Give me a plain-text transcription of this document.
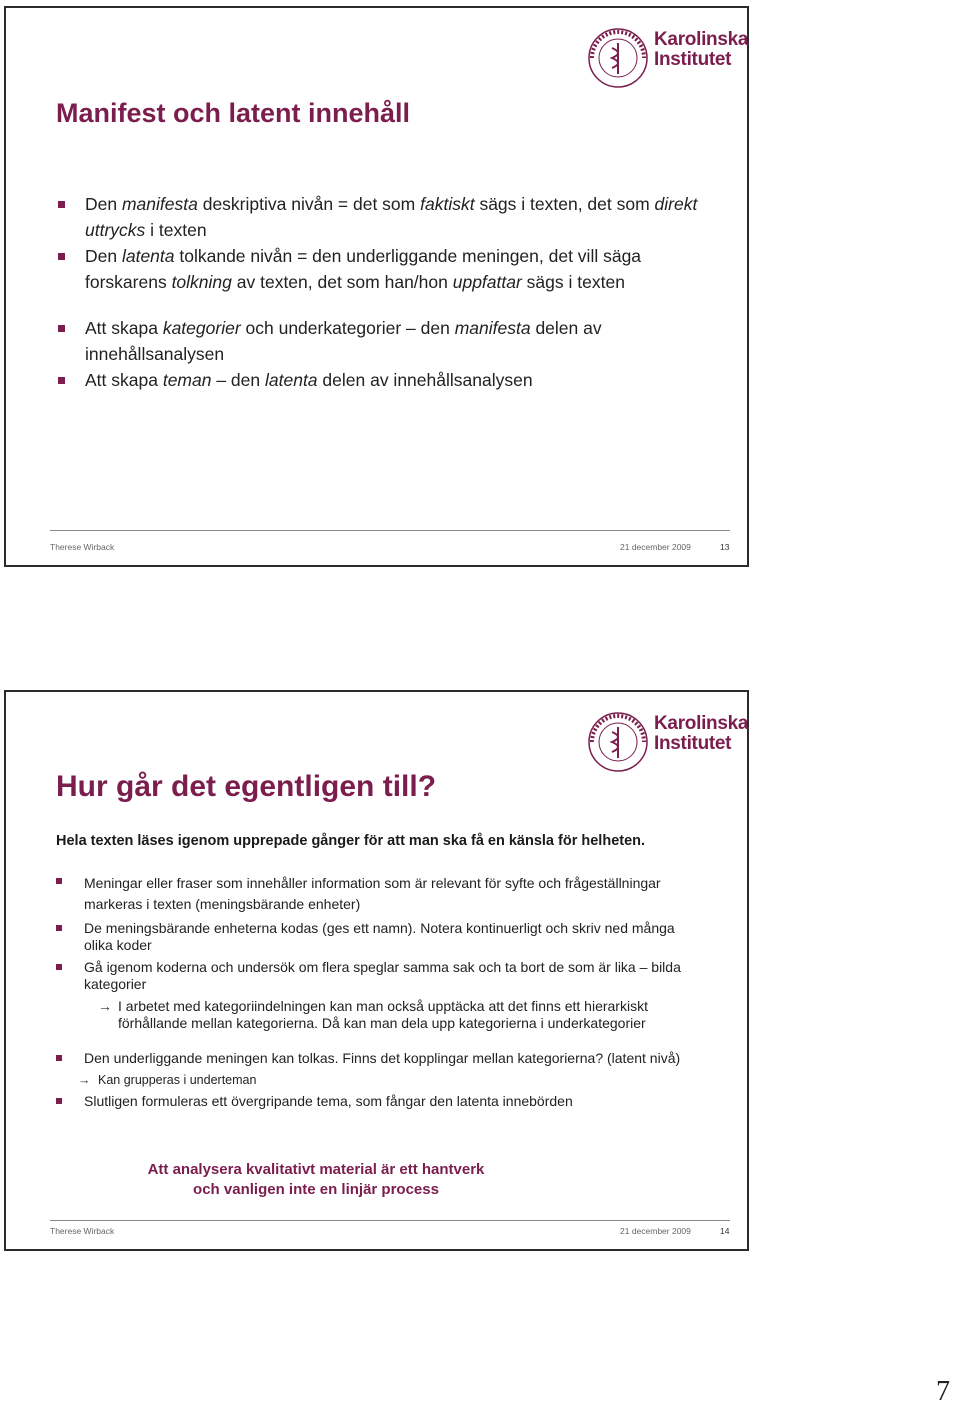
Karolinska
Institutet
Manifest och latent innehåll
Den manifesta deskriptiva nivån = det som faktiskt sägs i texten, det som direkt uttrycks i texten
Den latenta tolkande nivån = den underliggande meningen, det vill säga forskarens tolkning av texten, det som han/hon uppfattar sägs i texten
Att skapa kategorier och underkategorier – den manifesta delen av innehållsanalysen
Att skapa teman – den latenta delen av innehållsanalysen
Therese Wirback	21 december 2009	13
Karolinska
Institutet
Hur går det egentligen till?

Hela texten läses igenom upprepade gånger för att man ska få en känsla för helheten.

Meningar eller fraser som innehåller information som är relevant för syfte och frågeställningar markeras i texten (meningsbärande enheter)
De meningsbärande enheterna kodas (ges ett namn). Notera kontinuerligt och skriv ned många olika koder
Gå igenom koderna och undersök om flera speglar samma sak och ta bort de som är lika – bilda kategorier
→ I arbetet med kategoriindelningen kan man också upptäcka att det finns ett hierarkiskt förhållande mellan kategorierna. Då kan man dela upp kategorierna i underkategorier
Den underliggande meningen kan tolkas. Finns det kopplingar mellan kategorierna? (latent nivå)
→ Kan grupperas i underteman
Slutligen formuleras ett övergripande tema, som fångar den latenta innebörden
Att analysera kvalitativt material är ett hantverk
och vanligen inte en linjär process
Therese Wirback	21 december 2009	14
7
